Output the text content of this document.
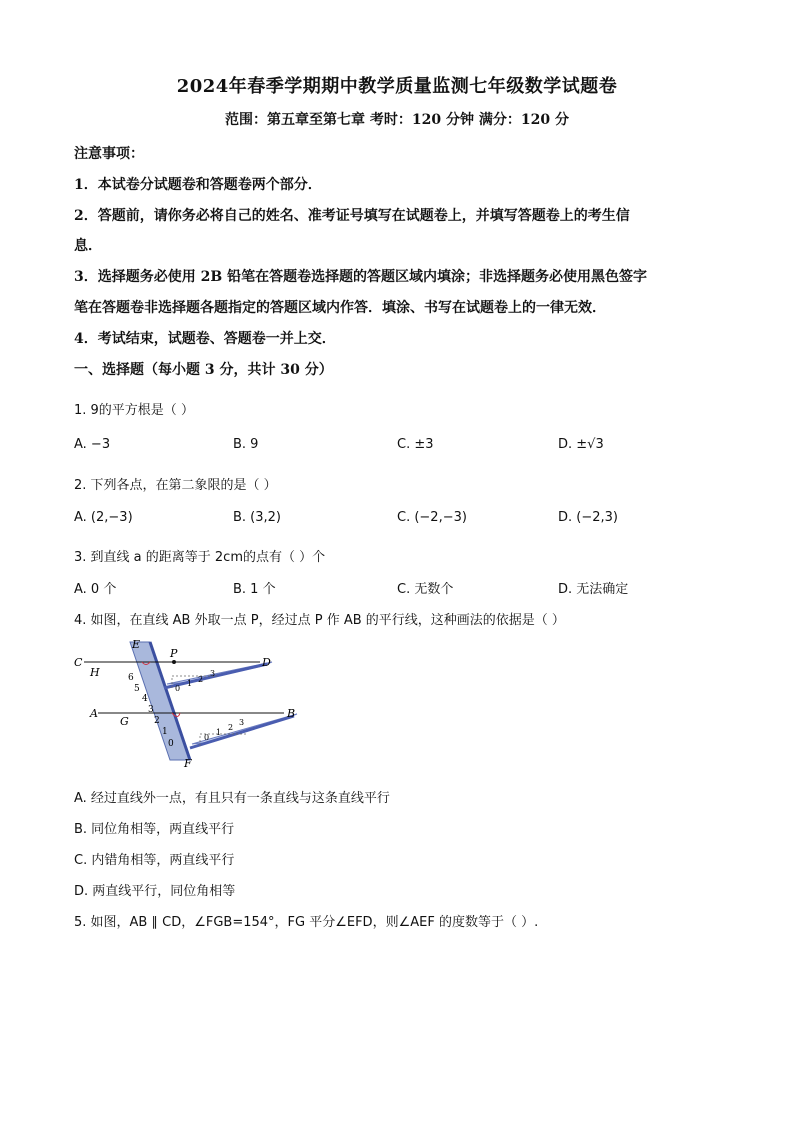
2024年春季学期期中教学质量监测七年级数学试题卷
范围：第五章至第七章 考时：120 分钟 满分：120 分
注意事项：
1．本试卷分试题卷和答题卷两个部分．
2．答题前，请你务必将自己的姓名、准考证号填写在试题卷上，并填写答题卷上的考生信
息．
3．选择题务必使用 2B 铅笔在答题卷选择题的答题区域内填涂；非选择题务必使用黑色签字
笔在答题卷非选择题各题指定的答题区域内作答．填涂、书写在试题卷上的一律无效．
4．考试结束，试题卷、答题卷一并上交．
一、选择题（每小题 3 分，共计 30 分）
1. 9的平方根是（ ）
A. −3	B. 9	C. ±3	D. ±√3
2. 下列各点，在第二象限的是（ ）
A. (2,−3)	B. (3,2)	C. (−2,−3)	D. (−2,3)
3. 到直线 a 的距离等于 2cm的点有（ ）个
A. 0 个	B. 1 个	C. 无数个	D. 无法确定
4. 如图，在直线 AB 外取一点 P，经过点 P 作 AB 的平行线，这种画法的依据是（ ）
C
H
E
P
D
A
G
B
F
6
5
4
3
2
1
0
0
1 2
3
0
1
2
3
A. 经过直线外一点，有且只有一条直线与这条直线平行
B. 同位角相等，两直线平行
C. 内错角相等，两直线平行
D. 两直线平行，同位角相等
5. 如图，AB ∥ CD，∠FGB=154°，FG 平分∠EFD，则∠AEF 的度数等于（ ）.
